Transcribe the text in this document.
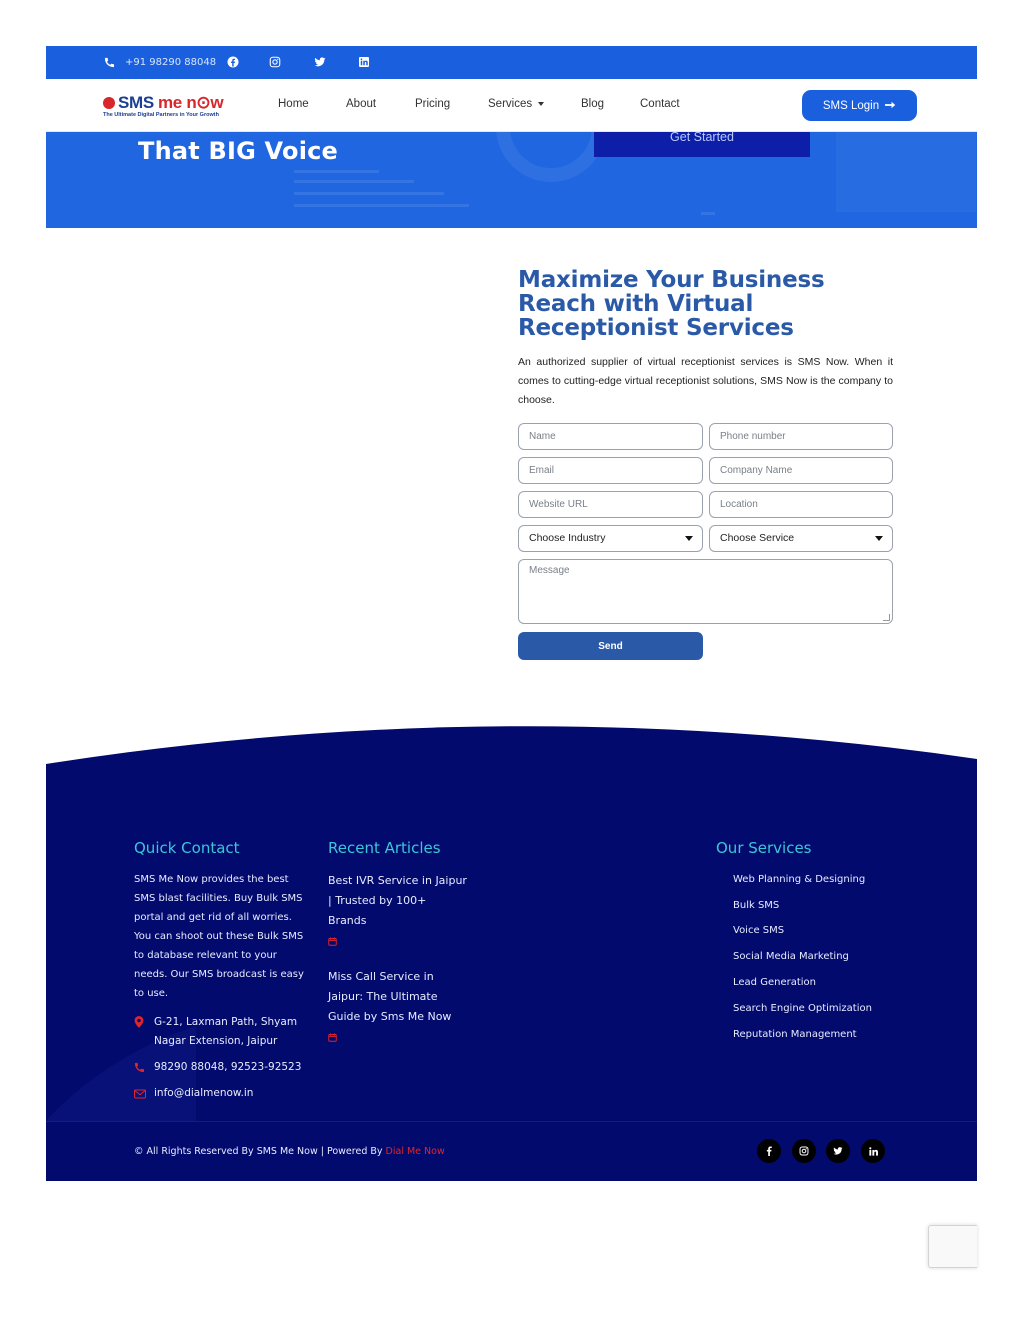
+91 98290 88048
SMS me n⊙w
The Ultimate Digital Partners in Your Growth
Home	About	Pricing	Services	Blog	Contact	SMS Login
That BIG Voice	Get Started
Maximize Your Business Reach with Virtual Receptionist Services

An authorized supplier of virtual receptionist services is SMS Now. When it comes to cutting-edge virtual receptionist solutions, SMS Now is the company to choose.

Name	Phone number
Email	Company Name
Website URL	Location
Choose Industry	Choose Service
Message
Send
Quick Contact	Recent Articles	Our Services

SMS Me Now provides the best SMS blast facilities. Buy Bulk SMS portal and get rid of all worries. You can shoot out these Bulk SMS to database relevant to your needs. Our SMS broadcast is easy to use.

G-21, Laxman Path, Shyam Nagar Extension, Jaipur
98290 88048, 92523-92523
info@dialmenow.in
Best IVR Service in Jaipur | Trusted by 100+ Brands
Miss Call Service in Jaipur: The Ultimate Guide by Sms Me Now
Web Planning & Designing
Bulk SMS
Voice SMS
Social Media Marketing
Lead Generation
Search Engine Optimization
Reputation Management
© All Rights Reserved By SMS Me Now | Powered By Dial Me Now
